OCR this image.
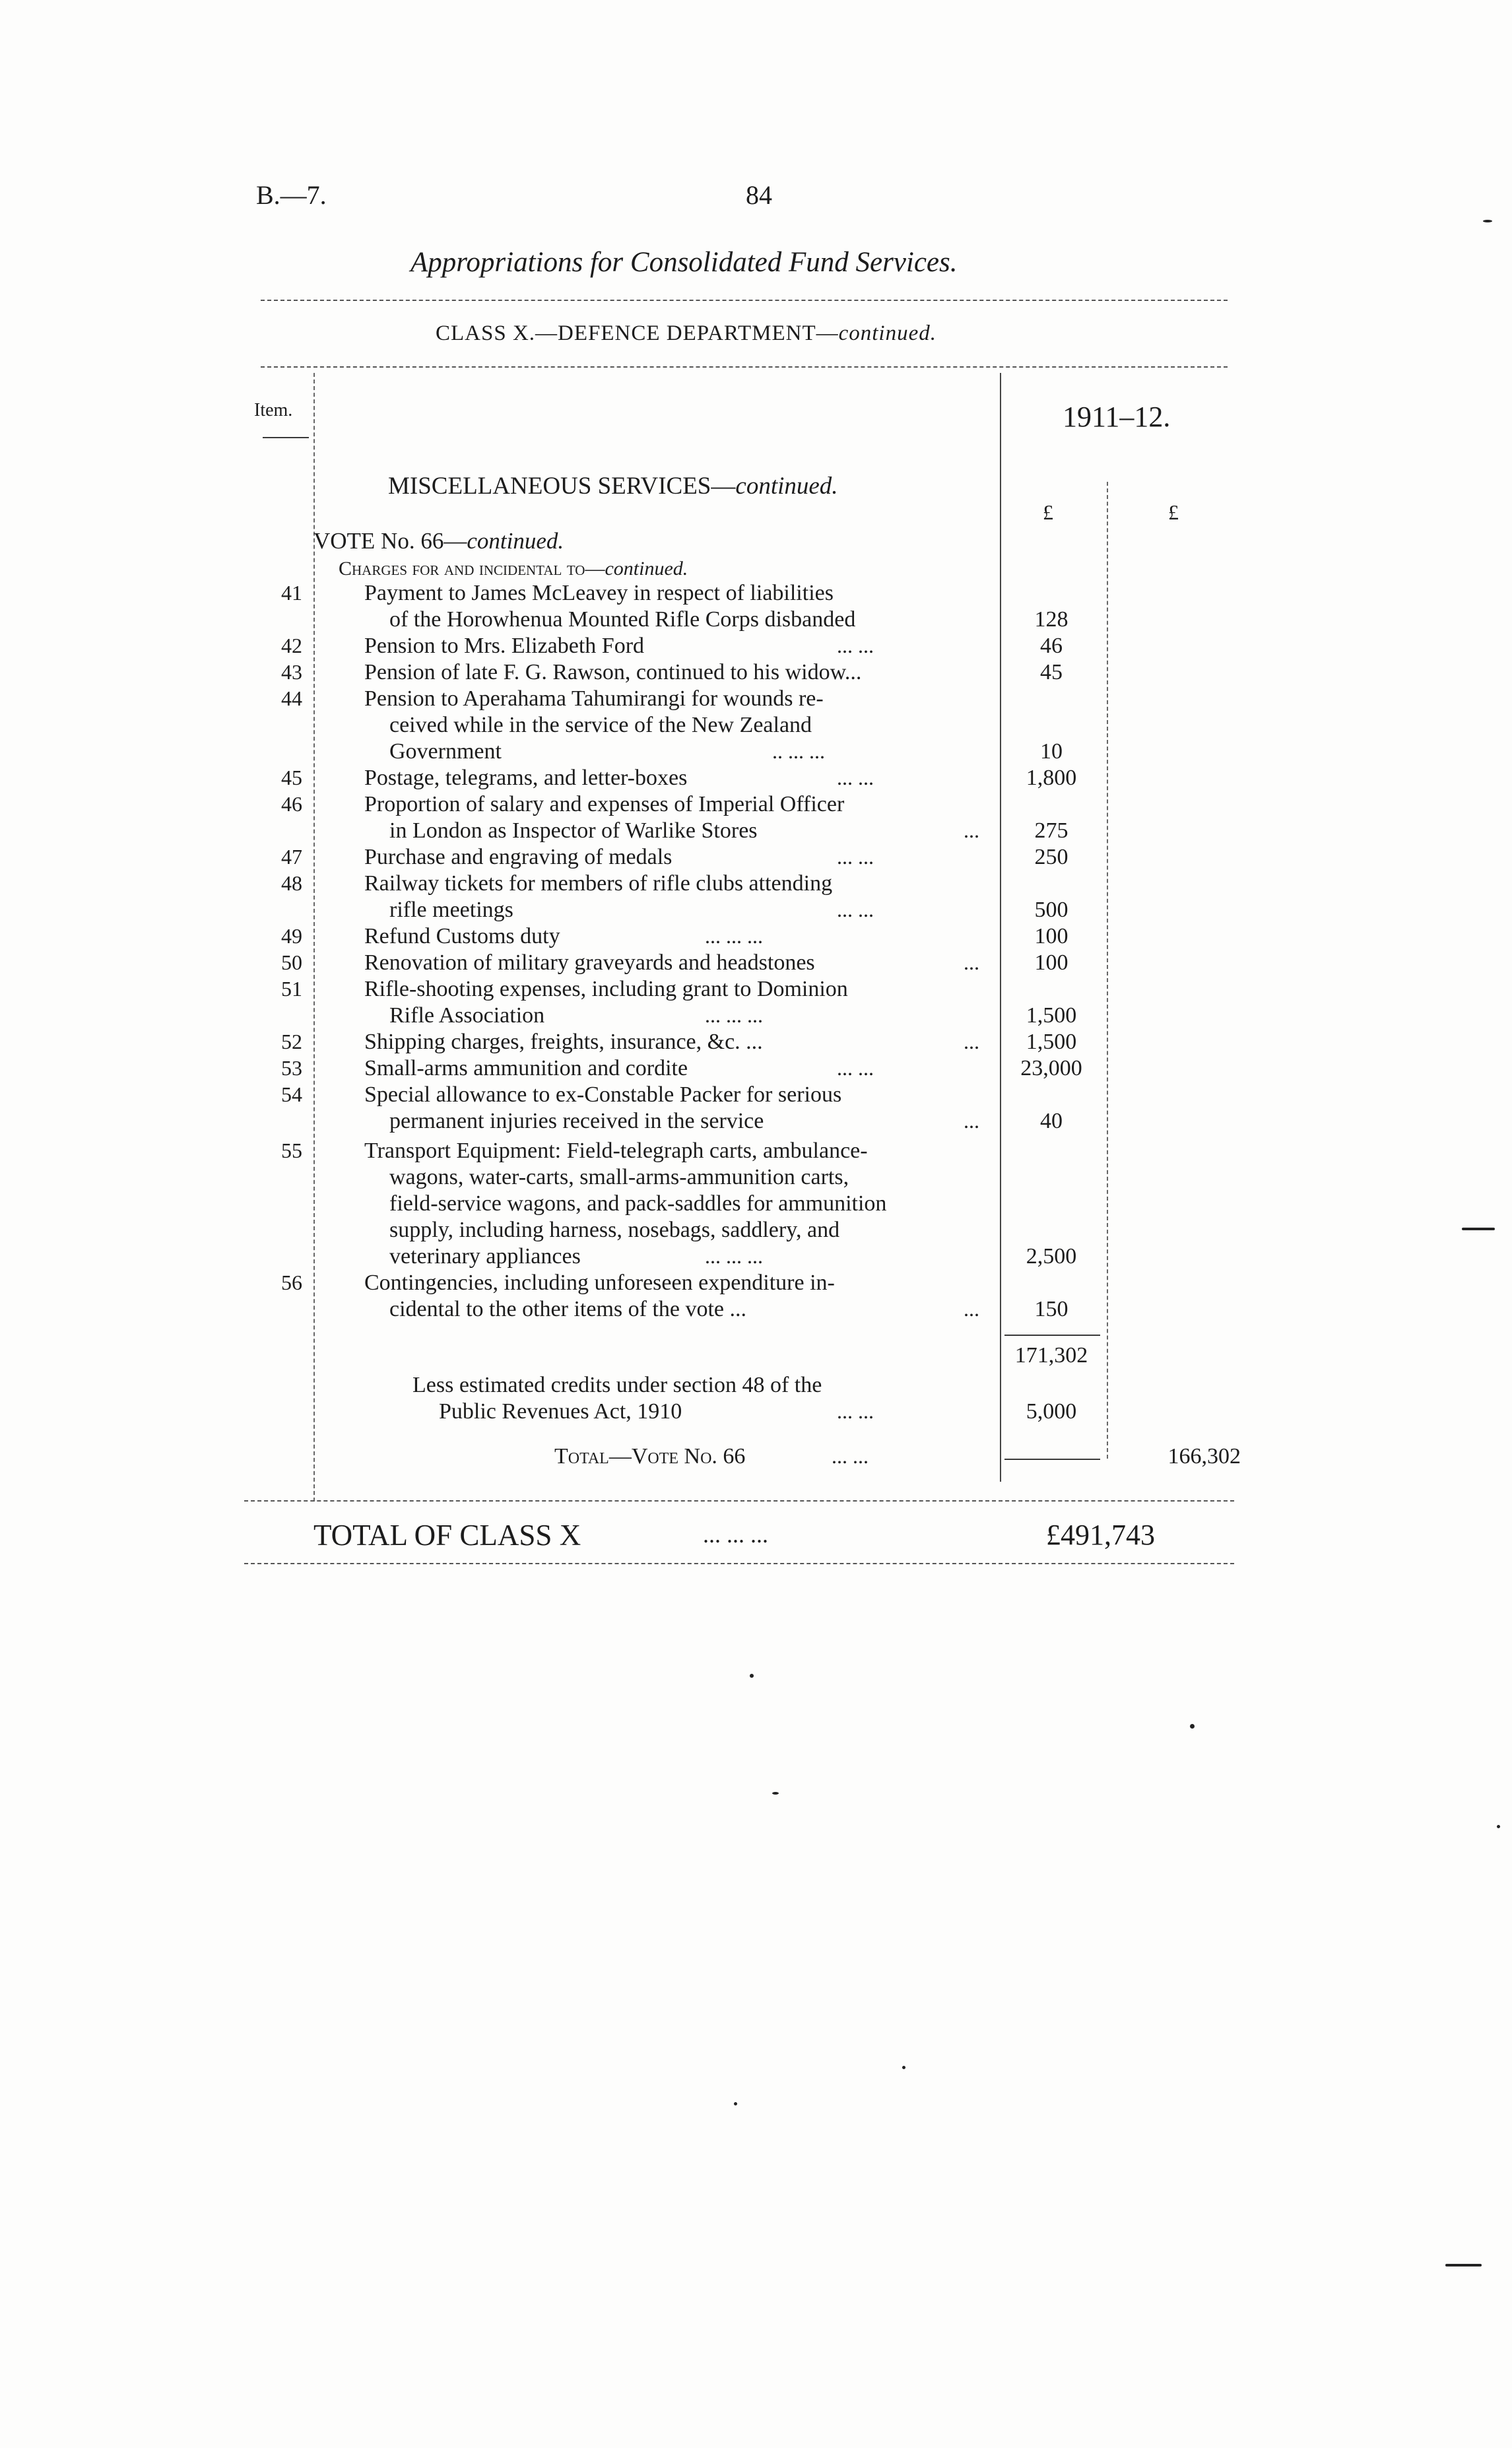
B.—7.	84
Appropriations for Consolidated Fund Services.
CLASS X.—DEFENCE DEPARTMENT—continued.
Item.	1911–12.
MISCELLANEOUS SERVICES—continued.
£	£
VOTE No. 66—continued.
Charges for and incidental to—continued.
41	Payment to James McLeavey in respect of liabilities
of the Horowhenua Mounted Rifle Corps disbanded	128
42	Pension to Mrs. Elizabeth Ford	... ...	46
43	Pension of late F. G. Rawson, continued to his widow...	45
44	Pension to Aperahama Tahumirangi for wounds re-
ceived while in the service of the New Zealand
Government	.. ... ...	10
45	Postage, telegrams, and letter-boxes	... ...	1,800
46	Proportion of salary and expenses of Imperial Officer
in London as Inspector of Warlike Stores	...	275
47	Purchase and engraving of medals	... ...	250
48	Railway tickets for members of rifle clubs attending
rifle meetings	... ...	500
49	Refund Customs duty	... ... ...	100
50	Renovation of military graveyards and headstones	...	100
51	Rifle-shooting expenses, including grant to Dominion
Rifle Association	... ... ...	1,500
52	Shipping charges, freights, insurance, &c. ...	...	1,500
53	Small-arms ammunition and cordite	... ...	23,000
54	Special allowance to ex-Constable Packer for serious
permanent injuries received in the service	...	40
55	Transport Equipment: Field-telegraph carts, ambulance-
wagons, water-carts, small-arms-ammunition carts,
field-service wagons, and pack-saddles for ammunition
supply, including harness, nosebags, saddlery, and
veterinary appliances	... ... ...	2,500
56	Contingencies, including unforeseen expenditure in-
cidental to the other items of the vote ...	...	150
171,302
Less estimated credits under section 48 of the
Public Revenues Act, 1910	... ...	5,000
Total—Vote No. 66	... ...	166,302
TOTAL OF CLASS X	... ... ...	£491,743
